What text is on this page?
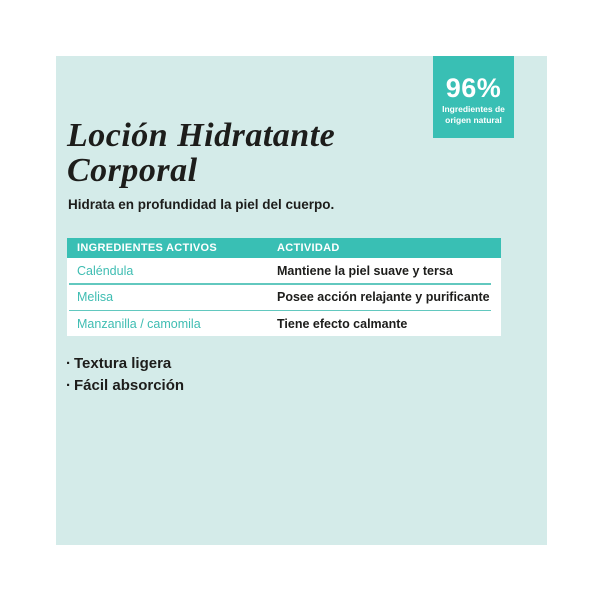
96%
Ingredientes de
origen natural
Loción Hidratante
Corporal

Hidrata en profundidad la piel del cuerpo.

INGREDIENTES ACTIVOS	ACTIVIDAD
Caléndula	Mantiene la piel suave y tersa
Melisa	Posee acción relajante y purificante
Manzanilla / camomila	Tiene efecto calmante
· Textura ligera
· Fácil absorción
